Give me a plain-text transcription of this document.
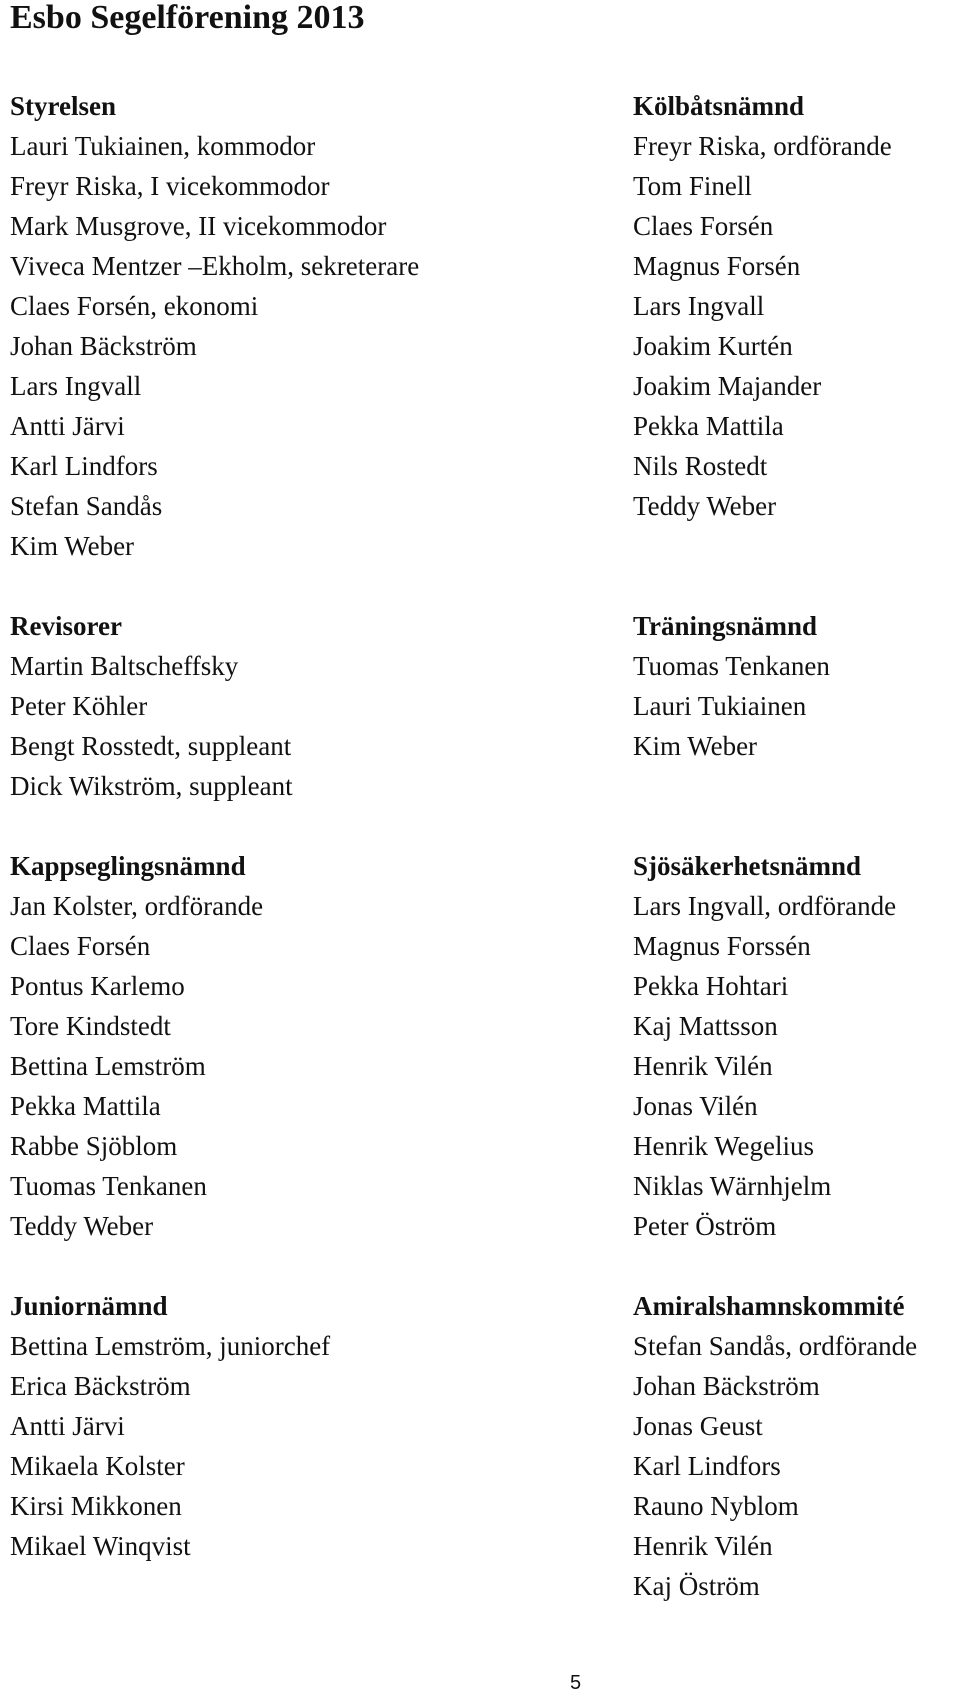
Esbo Segelförening 2013
Styrelsen
Lauri Tukiainen, kommodor
Freyr Riska, I vicekommodor
Mark Musgrove, II vicekommodor
Viveca Mentzer –Ekholm, sekreterare
Claes Forsén, ekonomi
Johan Bäckström
Lars Ingvall
Antti Järvi
Karl Lindfors
Stefan Sandås
Kim Weber
Revisorer
Martin Baltscheffsky
Peter Köhler
Bengt Rosstedt, suppleant
Dick Wikström, suppleant
Kappseglingsnämnd
Jan Kolster, ordförande
Claes Forsén
Pontus Karlemo
Tore Kindstedt
Bettina Lemström
Pekka Mattila
Rabbe Sjöblom
Tuomas Tenkanen
Teddy Weber
Juniornämnd
Bettina Lemström, juniorchef
Erica Bäckström
Antti Järvi
Mikaela Kolster
Kirsi Mikkonen
Mikael Winqvist
Kölbåtsnämnd
Freyr Riska, ordförande
Tom Finell
Claes Forsén
Magnus Forsén
Lars Ingvall
Joakim Kurtén
Joakim Majander
Pekka Mattila
Nils Rostedt
Teddy Weber

Träningsnämnd
Tuomas Tenkanen
Lauri Tukiainen
Kim Weber

Sjösäkerhetsnämnd
Lars Ingvall, ordförande
Magnus Forssén
Pekka Hohtari
Kaj Mattsson
Henrik Vilén
Jonas Vilén
Henrik Wegelius
Niklas Wärnhjelm
Peter Öström
Amiralshamnskommité
Stefan Sandås, ordförande
Johan Bäckström
Jonas Geust
Karl Lindfors
Rauno Nyblom
Henrik Vilén
Kaj Öström
5
